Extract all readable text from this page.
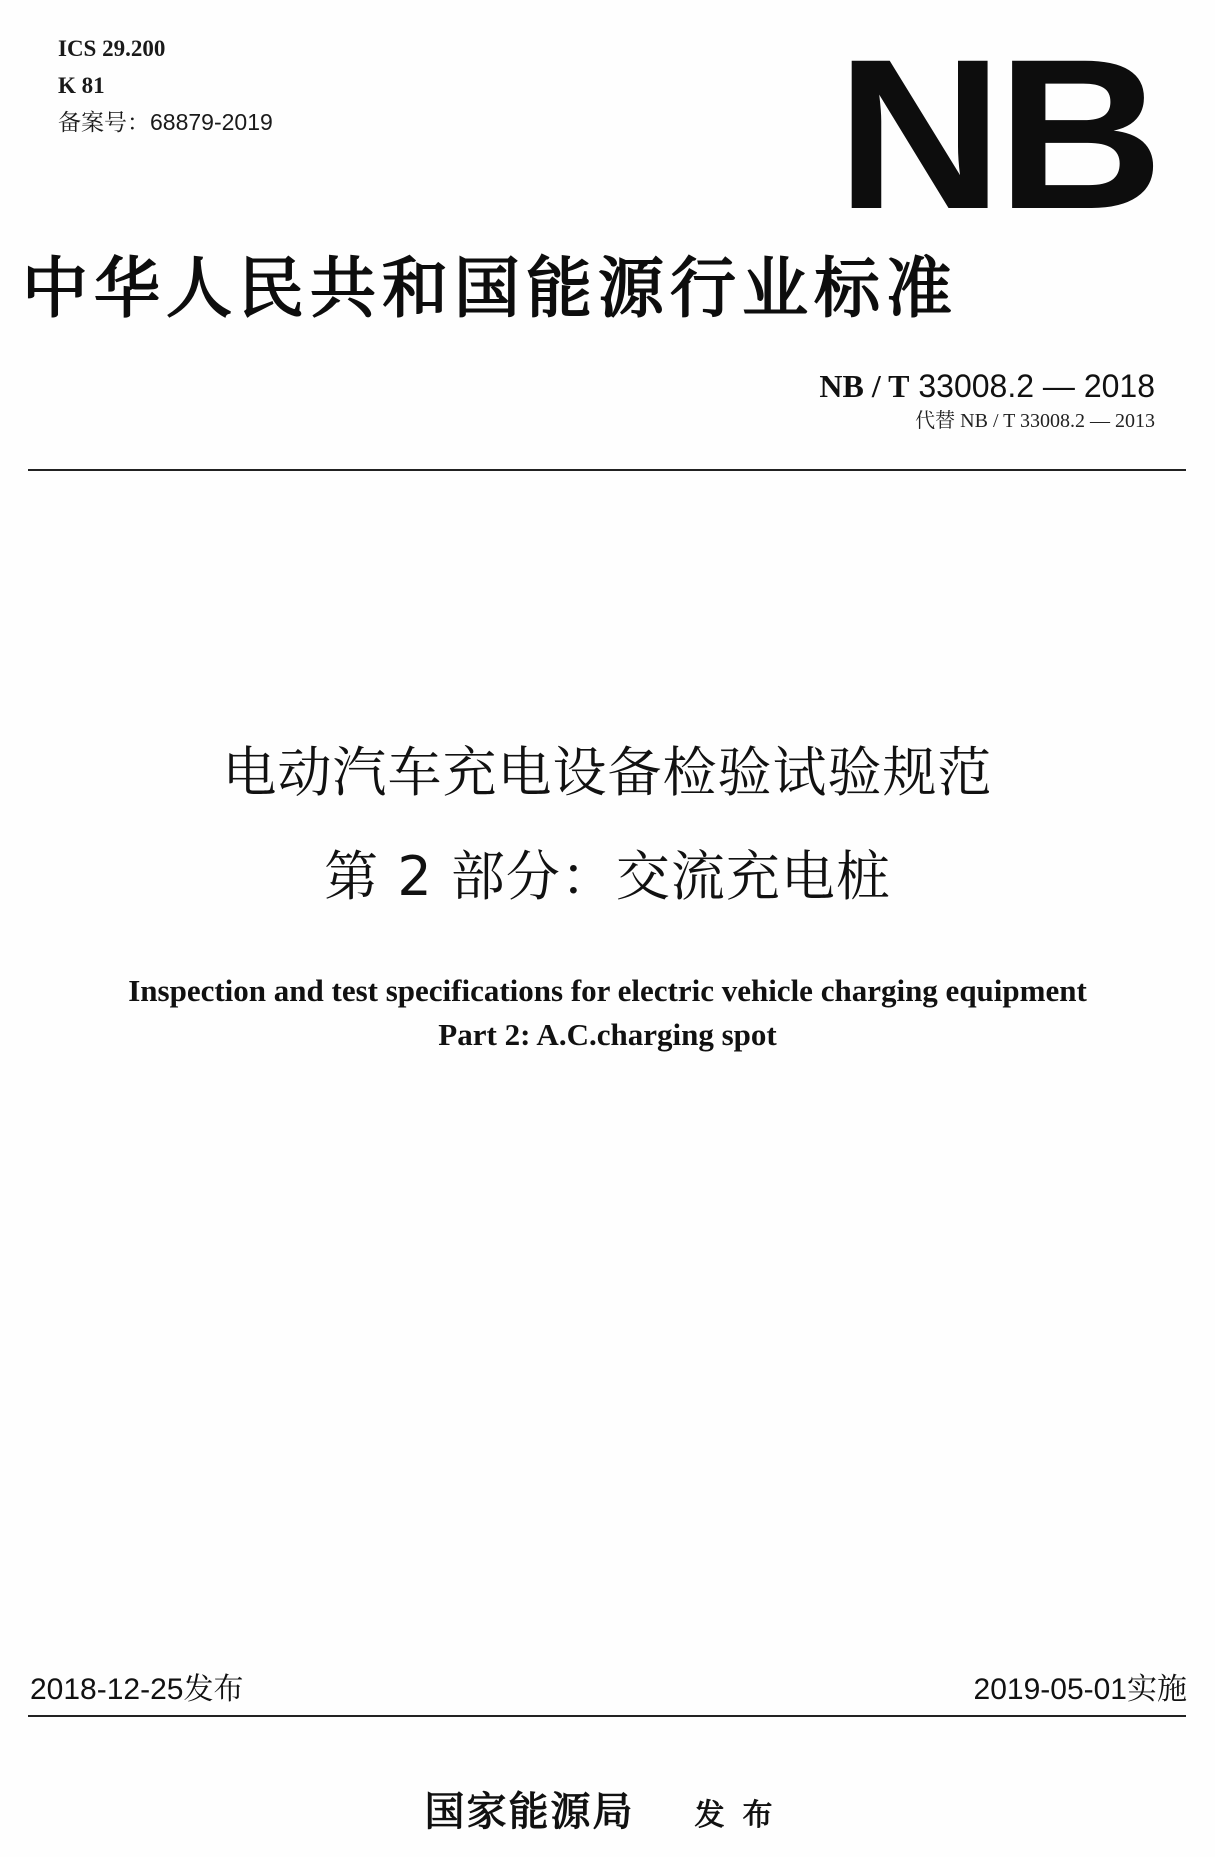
ICS 29.200
K 81
备案号：68879-2019	NB
中华人民共和国能源行业标准
NB / T 33008.2 — 2018
代替 NB / T 33008.2 — 2013
电动汽车充电设备检验试验规范
第 2 部分：交流充电桩
Inspection and test specifications for electric vehicle charging equipment
Part 2: A.C.charging spot
2018-12-25发布	2019-05-01实施
国家能源局 发布
